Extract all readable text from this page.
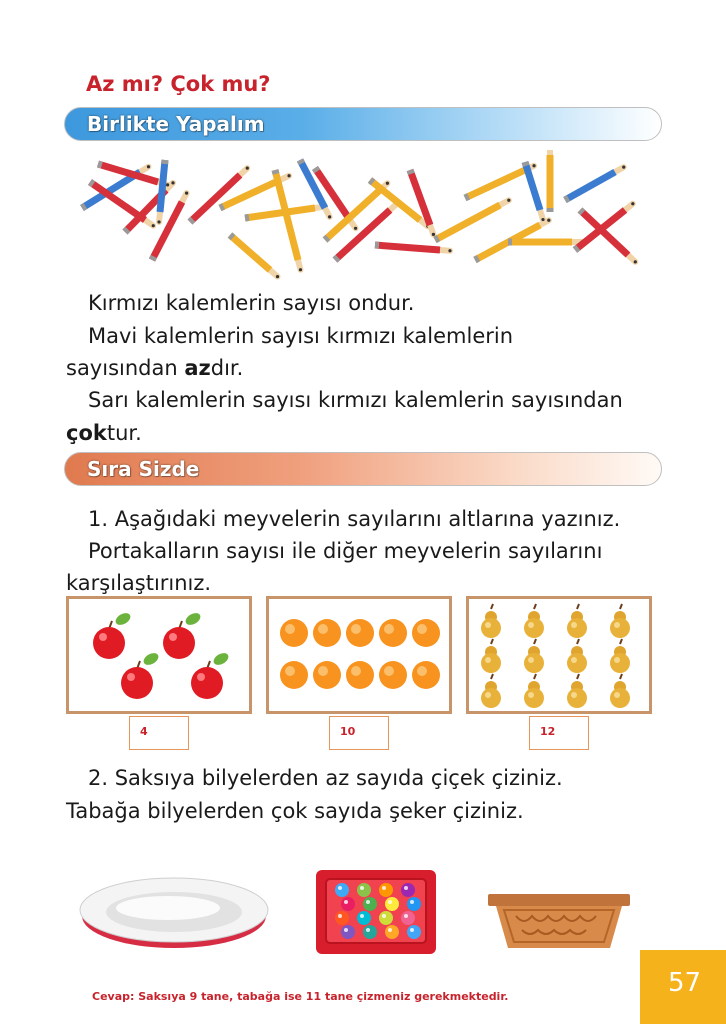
Az mı? Çok mu?
Birlikte Yapalım
Kırmızı kalemlerin sayısı ondur.
Mavi kalemlerin sayısı kırmızı kalemlerin
sayısından azdır.
Sarı kalemlerin sayısı kırmızı kalemlerin sayısından
çoktur.
Sıra Sizde
1. Aşağıdaki meyvelerin sayılarını altlarına yazınız.
Portakalların sayısı ile diğer meyvelerin sayılarını
karşılaştırınız.
4	10	12
2. Saksıya bilyelerden az sayıda çiçek çiziniz.
Tabağa bilyelerden çok sayıda şeker çiziniz.
Cevap: Saksıya 9 tane, tabağa ise 11 tane çizmeniz gerekmektedir.	57
